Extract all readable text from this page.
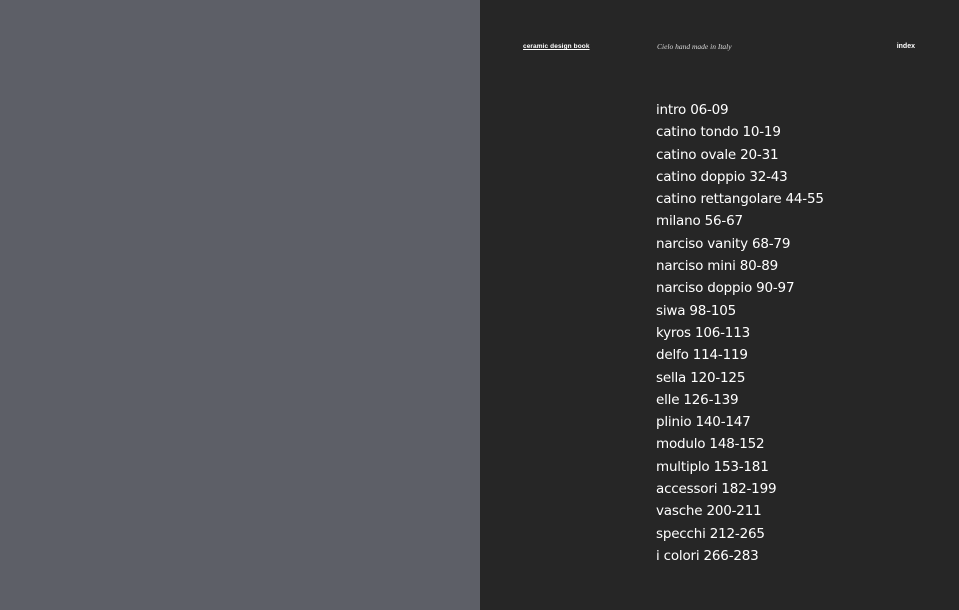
ceramic design book	Cielo hand made in Italy	index
intro 06-09
catino tondo 10-19
catino ovale 20-31
catino doppio 32-43
catino rettangolare 44-55
milano 56-67
narciso vanity 68-79
narciso mini 80-89
narciso doppio 90-97
siwa 98-105
kyros 106-113
delfo 114-119
sella 120-125
elle 126-139
plinio 140-147
modulo 148-152
multiplo 153-181
accessori 182-199
vasche 200-211
specchi 212-265
i colori 266-283
